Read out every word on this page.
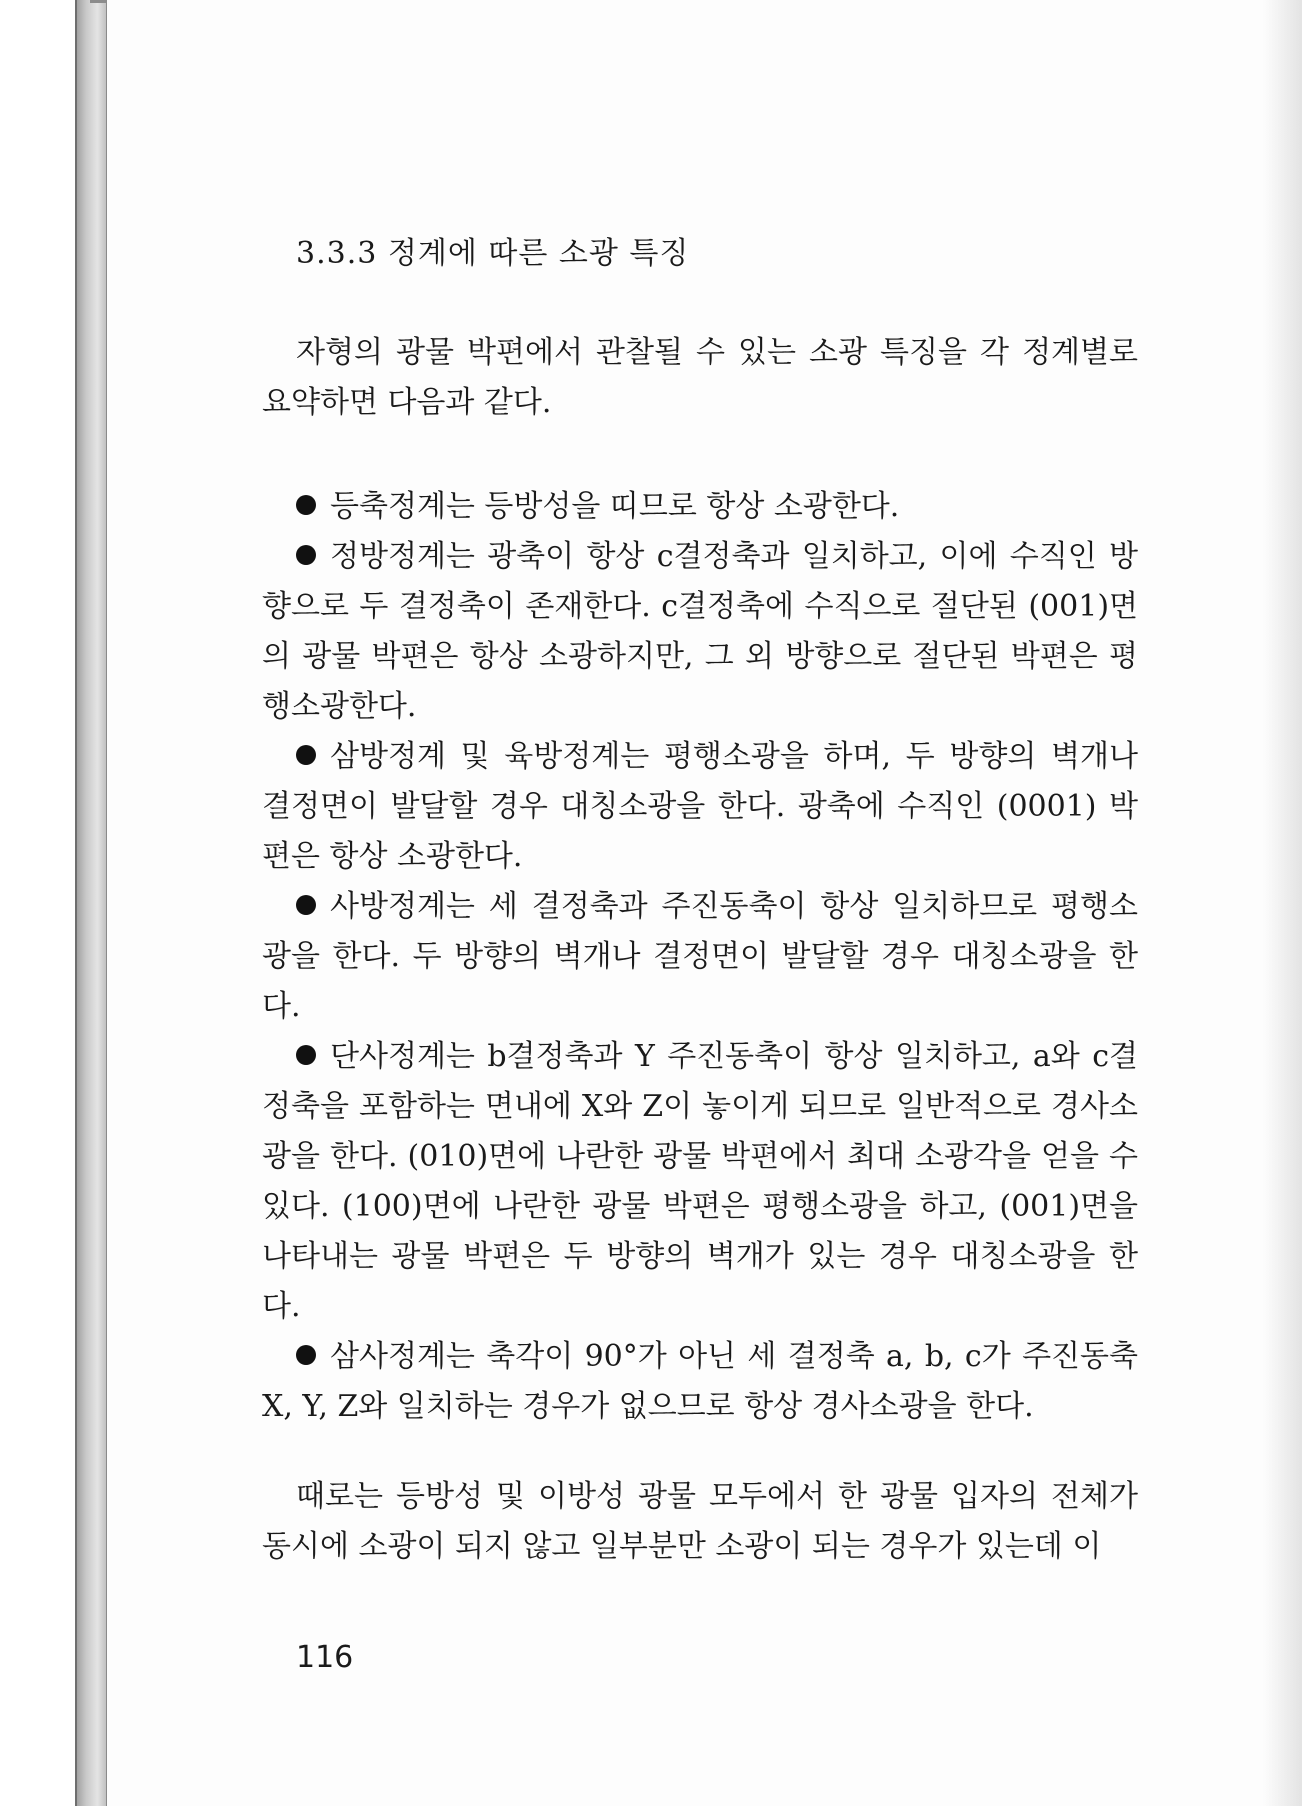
3.3.3 정계에 따른 소광 특징

자형의 광물 박편에서 관찰될 수 있는 소광 특징을 각 정계별로 요약하면 다음과 같다.

등축정계는 등방성을 띠므로 항상 소광한다.
정방정계는 광축이 항상 c결정축과 일치하고, 이에 수직인 방향으로 두 결정축이 존재한다. c결정축에 수직으로 절단된 (001)면의 광물 박편은 항상 소광하지만, 그 외 방향으로 절단된 박편은 평행소광한다.
삼방정계 및 육방정계는 평행소광을 하며, 두 방향의 벽개나 결정면이 발달할 경우 대칭소광을 한다. 광축에 수직인 (0001) 박편은 항상 소광한다.
사방정계는 세 결정축과 주진동축이 항상 일치하므로 평행소광을 한다. 두 방향의 벽개나 결정면이 발달할 경우 대칭소광을 한다.
단사정계는 b결정축과 Y 주진동축이 항상 일치하고, a와 c결정축을 포함하는 면내에 X와 Z이 놓이게 되므로 일반적으로 경사소광을 한다. (010)면에 나란한 광물 박편에서 최대 소광각을 얻을 수 있다. (100)면에 나란한 광물 박편은 평행소광을 하고, (001)면을 나타내는 광물 박편은 두 방향의 벽개가 있는 경우 대칭소광을 한다.
삼사정계는 축각이 90°가 아닌 세 결정축 a, b, c가 주진동축 X, Y, Z와 일치하는 경우가 없으므로 항상 경사소광을 한다.
때로는 등방성 및 이방성 광물 모두에서 한 광물 입자의 전체가 동시에 소광이 되지 않고 일부분만 소광이 되는 경우가 있는데 이
116
